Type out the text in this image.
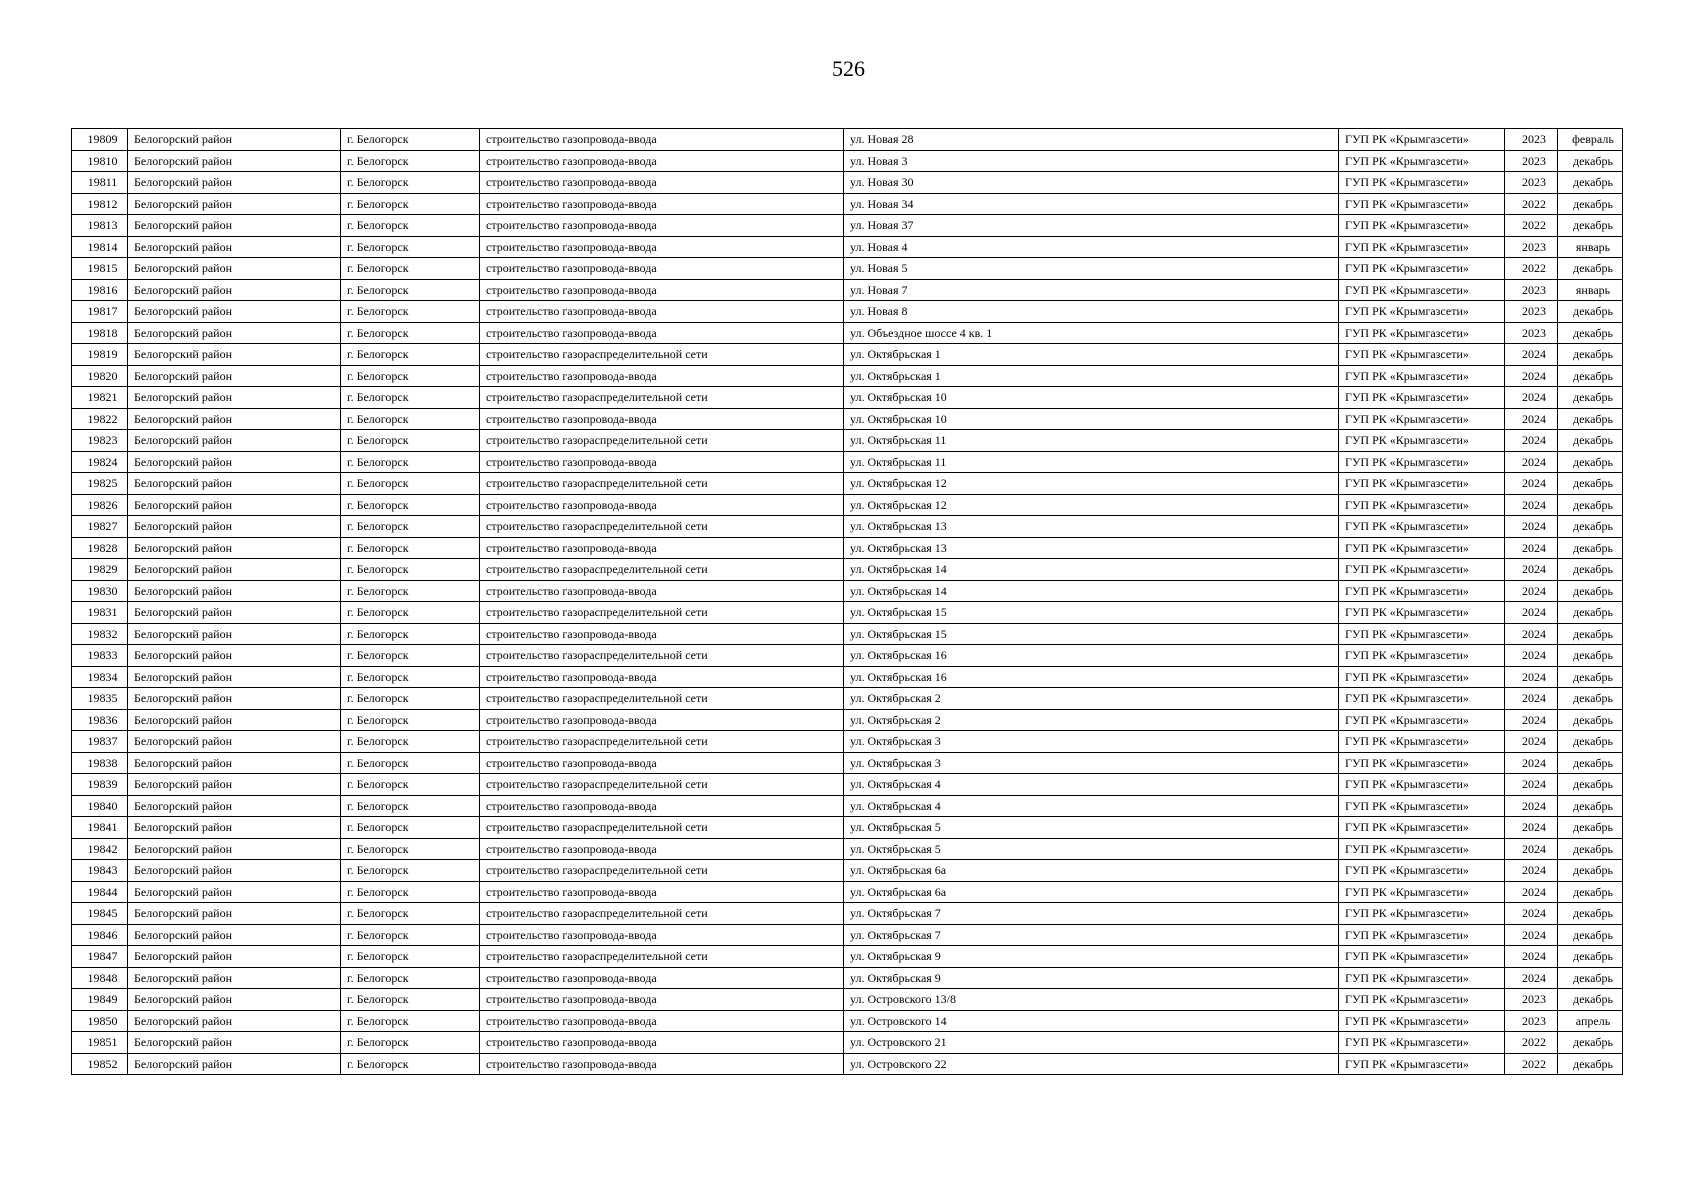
526
19809	Белогорский район	г. Белогорск	строительство газопровода-ввода	ул. Новая 28	ГУП РК «Крымгазсети»	2023	февраль
19810	Белогорский район	г. Белогорск	строительство газопровода-ввода	ул. Новая 3	ГУП РК «Крымгазсети»	2023	декабрь
19811	Белогорский район	г. Белогорск	строительство газопровода-ввода	ул. Новая 30	ГУП РК «Крымгазсети»	2023	декабрь
19812	Белогорский район	г. Белогорск	строительство газопровода-ввода	ул. Новая 34	ГУП РК «Крымгазсети»	2022	декабрь
19813	Белогорский район	г. Белогорск	строительство газопровода-ввода	ул. Новая 37	ГУП РК «Крымгазсети»	2022	декабрь
19814	Белогорский район	г. Белогорск	строительство газопровода-ввода	ул. Новая 4	ГУП РК «Крымгазсети»	2023	январь
19815	Белогорский район	г. Белогорск	строительство газопровода-ввода	ул. Новая 5	ГУП РК «Крымгазсети»	2022	декабрь
19816	Белогорский район	г. Белогорск	строительство газопровода-ввода	ул. Новая 7	ГУП РК «Крымгазсети»	2023	январь
19817	Белогорский район	г. Белогорск	строительство газопровода-ввода	ул. Новая 8	ГУП РК «Крымгазсети»	2023	декабрь
19818	Белогорский район	г. Белогорск	строительство газопровода-ввода	ул. Объездное шоссе 4 кв. 1	ГУП РК «Крымгазсети»	2023	декабрь
19819	Белогорский район	г. Белогорск	строительство газораспределительной сети	ул. Октябрьская 1	ГУП РК «Крымгазсети»	2024	декабрь
19820	Белогорский район	г. Белогорск	строительство газопровода-ввода	ул. Октябрьская 1	ГУП РК «Крымгазсети»	2024	декабрь
19821	Белогорский район	г. Белогорск	строительство газораспределительной сети	ул. Октябрьская 10	ГУП РК «Крымгазсети»	2024	декабрь
19822	Белогорский район	г. Белогорск	строительство газопровода-ввода	ул. Октябрьская 10	ГУП РК «Крымгазсети»	2024	декабрь
19823	Белогорский район	г. Белогорск	строительство газораспределительной сети	ул. Октябрьская 11	ГУП РК «Крымгазсети»	2024	декабрь
19824	Белогорский район	г. Белогорск	строительство газопровода-ввода	ул. Октябрьская 11	ГУП РК «Крымгазсети»	2024	декабрь
19825	Белогорский район	г. Белогорск	строительство газораспределительной сети	ул. Октябрьская 12	ГУП РК «Крымгазсети»	2024	декабрь
19826	Белогорский район	г. Белогорск	строительство газопровода-ввода	ул. Октябрьская 12	ГУП РК «Крымгазсети»	2024	декабрь
19827	Белогорский район	г. Белогорск	строительство газораспределительной сети	ул. Октябрьская 13	ГУП РК «Крымгазсети»	2024	декабрь
19828	Белогорский район	г. Белогорск	строительство газопровода-ввода	ул. Октябрьская 13	ГУП РК «Крымгазсети»	2024	декабрь
19829	Белогорский район	г. Белогорск	строительство газораспределительной сети	ул. Октябрьская 14	ГУП РК «Крымгазсети»	2024	декабрь
19830	Белогорский район	г. Белогорск	строительство газопровода-ввода	ул. Октябрьская 14	ГУП РК «Крымгазсети»	2024	декабрь
19831	Белогорский район	г. Белогорск	строительство газораспределительной сети	ул. Октябрьская 15	ГУП РК «Крымгазсети»	2024	декабрь
19832	Белогорский район	г. Белогорск	строительство газопровода-ввода	ул. Октябрьская 15	ГУП РК «Крымгазсети»	2024	декабрь
19833	Белогорский район	г. Белогорск	строительство газораспределительной сети	ул. Октябрьская 16	ГУП РК «Крымгазсети»	2024	декабрь
19834	Белогорский район	г. Белогорск	строительство газопровода-ввода	ул. Октябрьская 16	ГУП РК «Крымгазсети»	2024	декабрь
19835	Белогорский район	г. Белогорск	строительство газораспределительной сети	ул. Октябрьская 2	ГУП РК «Крымгазсети»	2024	декабрь
19836	Белогорский район	г. Белогорск	строительство газопровода-ввода	ул. Октябрьская 2	ГУП РК «Крымгазсети»	2024	декабрь
19837	Белогорский район	г. Белогорск	строительство газораспределительной сети	ул. Октябрьская 3	ГУП РК «Крымгазсети»	2024	декабрь
19838	Белогорский район	г. Белогорск	строительство газопровода-ввода	ул. Октябрьская 3	ГУП РК «Крымгазсети»	2024	декабрь
19839	Белогорский район	г. Белогорск	строительство газораспределительной сети	ул. Октябрьская 4	ГУП РК «Крымгазсети»	2024	декабрь
19840	Белогорский район	г. Белогорск	строительство газопровода-ввода	ул. Октябрьская 4	ГУП РК «Крымгазсети»	2024	декабрь
19841	Белогорский район	г. Белогорск	строительство газораспределительной сети	ул. Октябрьская 5	ГУП РК «Крымгазсети»	2024	декабрь
19842	Белогорский район	г. Белогорск	строительство газопровода-ввода	ул. Октябрьская 5	ГУП РК «Крымгазсети»	2024	декабрь
19843	Белогорский район	г. Белогорск	строительство газораспределительной сети	ул. Октябрьская 6а	ГУП РК «Крымгазсети»	2024	декабрь
19844	Белогорский район	г. Белогорск	строительство газопровода-ввода	ул. Октябрьская 6а	ГУП РК «Крымгазсети»	2024	декабрь
19845	Белогорский район	г. Белогорск	строительство газораспределительной сети	ул. Октябрьская 7	ГУП РК «Крымгазсети»	2024	декабрь
19846	Белогорский район	г. Белогорск	строительство газопровода-ввода	ул. Октябрьская 7	ГУП РК «Крымгазсети»	2024	декабрь
19847	Белогорский район	г. Белогорск	строительство газораспределительной сети	ул. Октябрьская 9	ГУП РК «Крымгазсети»	2024	декабрь
19848	Белогорский район	г. Белогорск	строительство газопровода-ввода	ул. Октябрьская 9	ГУП РК «Крымгазсети»	2024	декабрь
19849	Белогорский район	г. Белогорск	строительство газопровода-ввода	ул. Островского 13/8	ГУП РК «Крымгазсети»	2023	декабрь
19850	Белогорский район	г. Белогорск	строительство газопровода-ввода	ул. Островского 14	ГУП РК «Крымгазсети»	2023	апрель
19851	Белогорский район	г. Белогорск	строительство газопровода-ввода	ул. Островского 21	ГУП РК «Крымгазсети»	2022	декабрь
19852	Белогорский район	г. Белогорск	строительство газопровода-ввода	ул. Островского 22	ГУП РК «Крымгазсети»	2022	декабрь
